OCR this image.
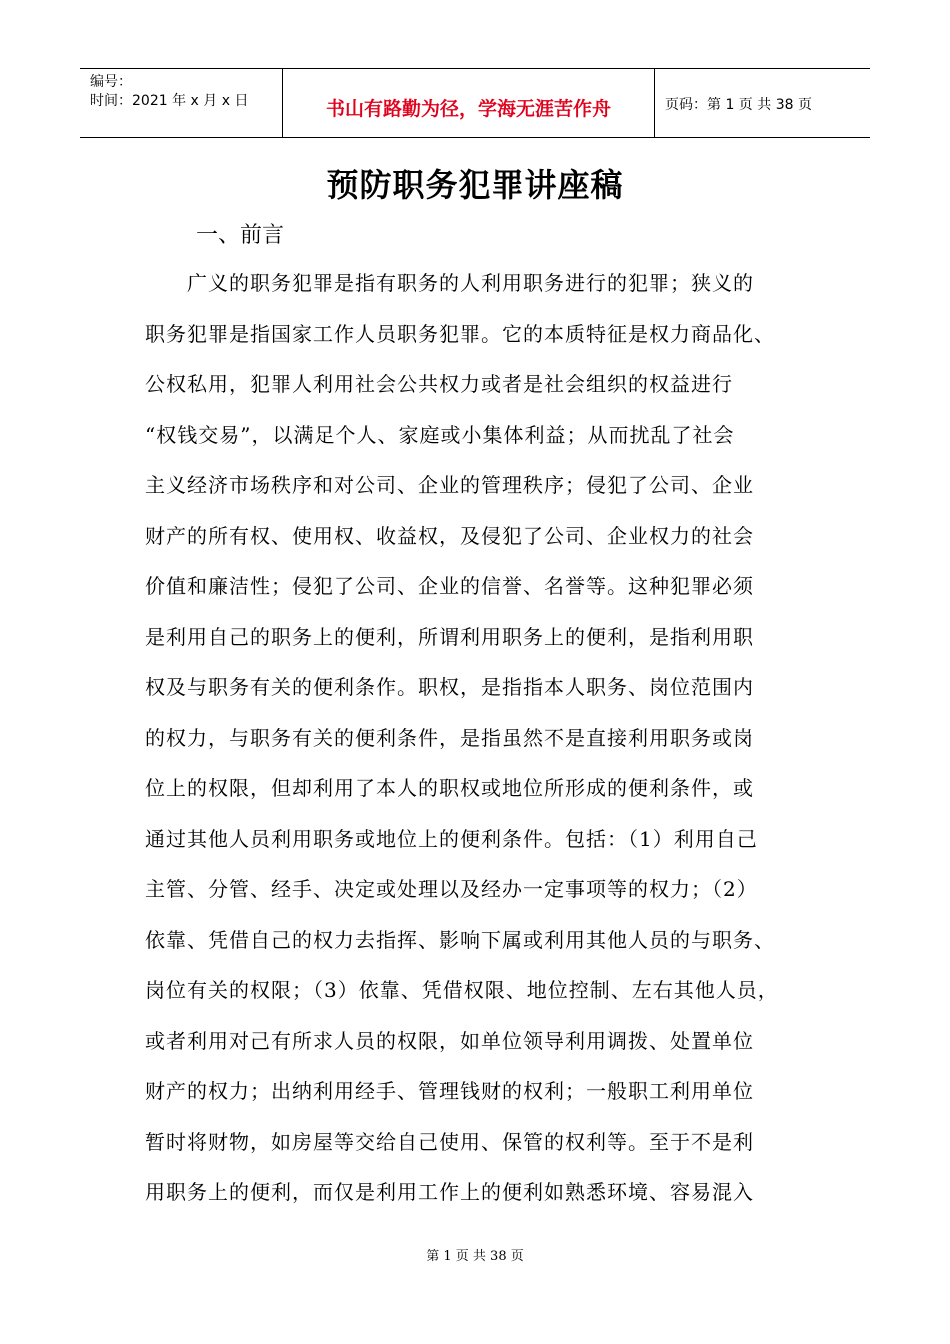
编号：
时间：2021 年 x 月 x 日	书山有路勤为径，学海无涯苦作舟	页码：第 1 页 共 38 页
预防职务犯罪讲座稿
一、前言
　　广义的职务犯罪是指有职务的人利用职务进行的犯罪；狭义的
职务犯罪是指国家工作人员职务犯罪。它的本质特征是权力商品化、
公权私用，犯罪人利用社会公共权力或者是社会组织的权益进行
“权钱交易”，以满足个人、家庭或小集体利益；从而扰乱了社会
主义经济市场秩序和对公司、企业的管理秩序；侵犯了公司、企业
财产的所有权、使用权、收益权，及侵犯了公司、企业权力的社会
价值和廉洁性；侵犯了公司、企业的信誉、名誉等。这种犯罪必须
是利用自己的职务上的便利，所谓利用职务上的便利，是指利用职
权及与职务有关的便利条作。职权，是指指本人职务、岗位范围内
的权力，与职务有关的便利条件，是指虽然不是直接利用职务或岗
位上的权限，但却利用了本人的职权或地位所形成的便利条件，或
通过其他人员利用职务或地位上的便利条件。包括：（1）利用自己
主管、分管、经手、决定或处理以及经办一定事项等的权力；（2）
依靠、凭借自己的权力去指挥、影响下属或利用其他人员的与职务、
岗位有关的权限；（3）依靠、凭借权限、地位控制、左右其他人员，
或者利用对己有所求人员的权限，如单位领导利用调拨、处置单位
财产的权力；出纳利用经手、管理钱财的权利；一般职工利用单位
暂时将财物，如房屋等交给自己使用、保管的权利等。至于不是利
用职务上的便利，而仅是利用工作上的便利如熟悉环境、容易混入
第 1 页 共 38 页
